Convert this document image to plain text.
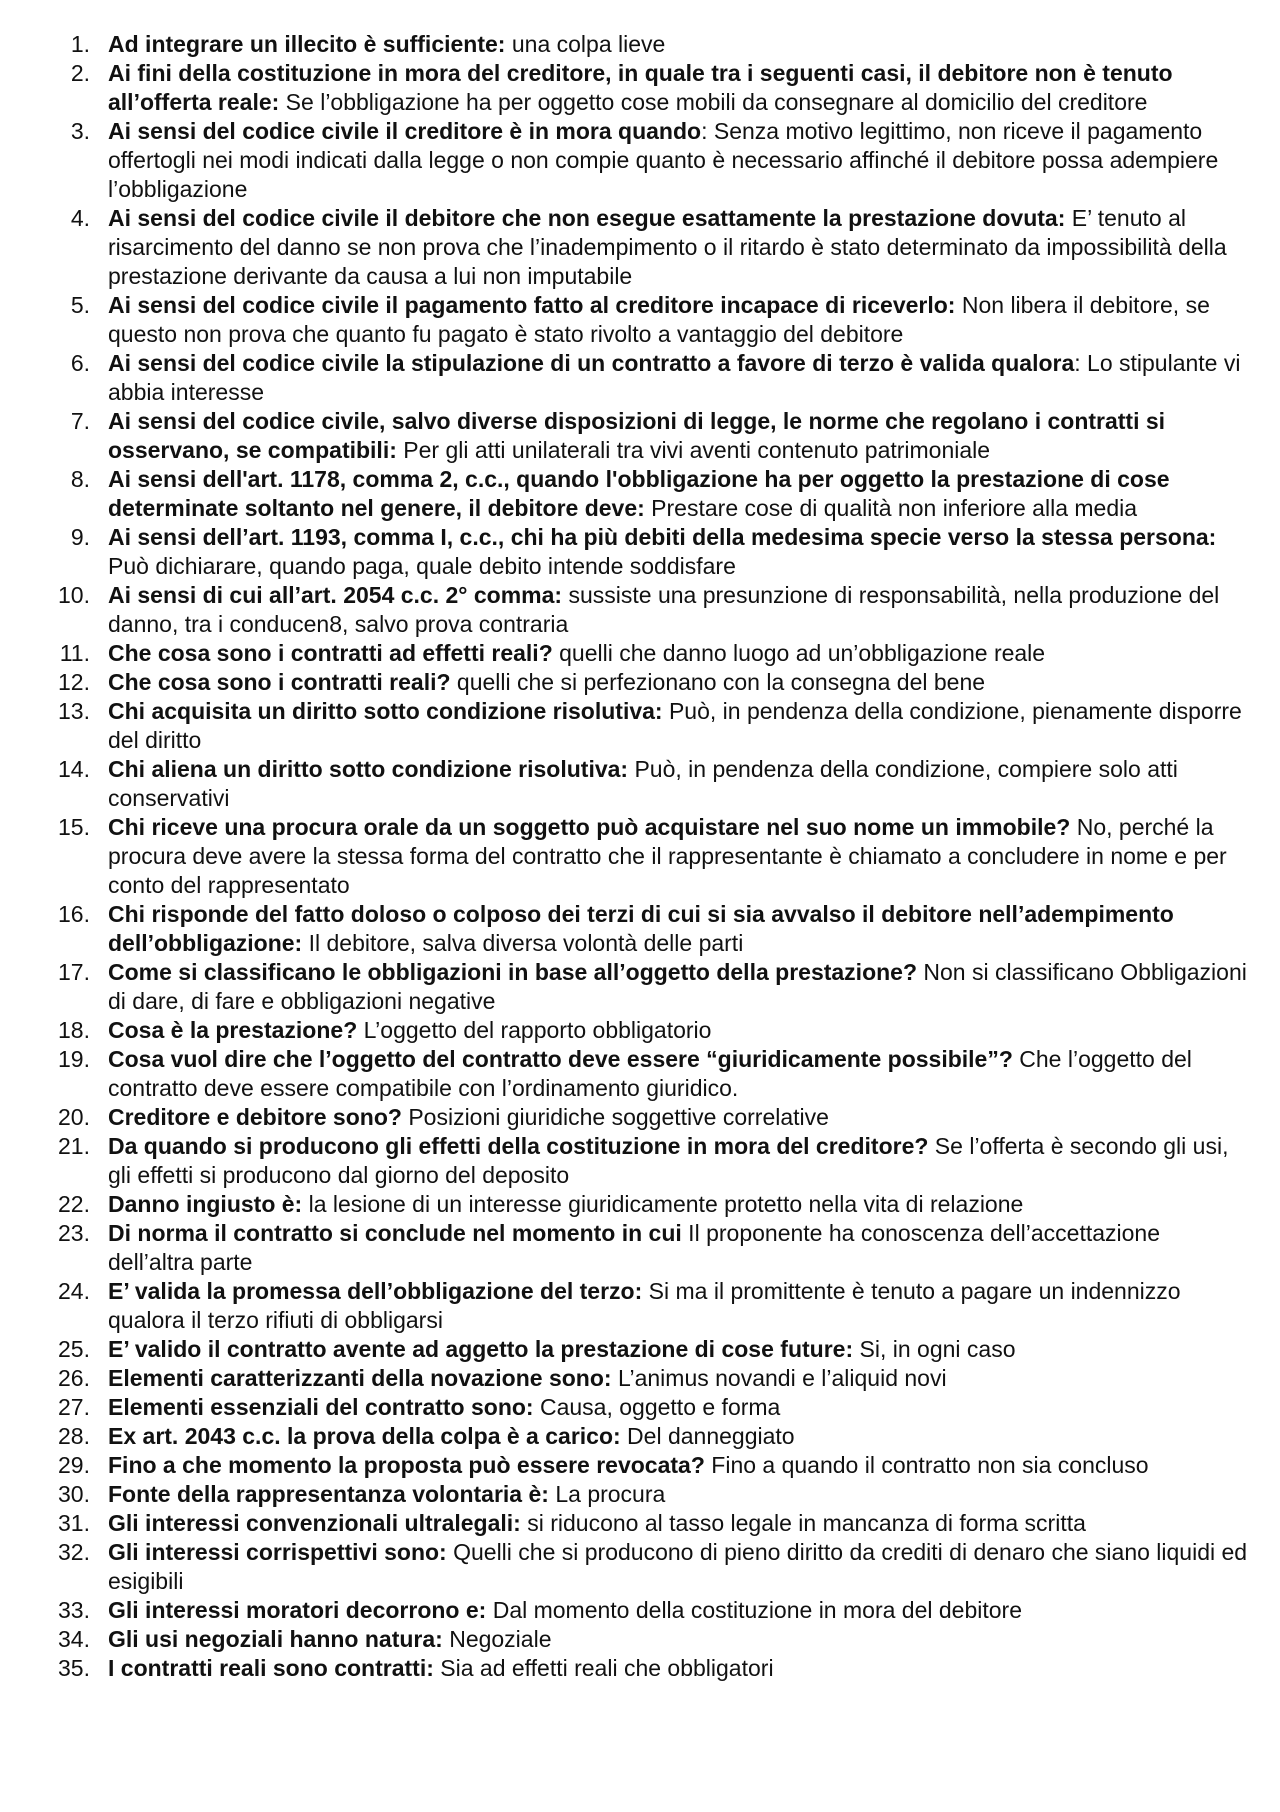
1. Ad integrare un illecito è sufficiente: una colpa lieve
2. Ai fini della costituzione in mora del creditore, in quale tra i seguenti casi, il debitore non è tenuto all’offerta reale: Se l’obbligazione ha per oggetto cose mobili da consegnare al domicilio del creditore
3. Ai sensi del codice civile il creditore è in mora quando: Senza motivo legittimo, non riceve il pagamento offertogli nei modi indicati dalla legge o non compie quanto è necessario affinché il debitore possa adempiere l’obbligazione
4. Ai sensi del codice civile il debitore che non esegue esattamente la prestazione dovuta: E’ tenuto al risarcimento del danno se non prova che l’inadempimento o il ritardo è stato determinato da impossibilità della prestazione derivante da causa a lui non imputabile
5. Ai sensi del codice civile il pagamento fatto al creditore incapace di riceverlo: Non libera il debitore, se questo non prova che quanto fu pagato è stato rivolto a vantaggio del debitore
6. Ai sensi del codice civile la stipulazione di un contratto a favore di terzo è valida qualora: Lo stipulante vi abbia interesse
7. Ai sensi del codice civile, salvo diverse disposizioni di legge, le norme che regolano i contratti si osservano, se compatibili: Per gli atti unilaterali tra vivi aventi contenuto patrimoniale
8. Ai sensi dell'art. 1178, comma 2, c.c., quando l'obbligazione ha per oggetto la prestazione di cose determinate soltanto nel genere, il debitore deve: Prestare cose di qualità non inferiore alla media
9. Ai sensi dell’art. 1193, comma I, c.c., chi ha più debiti della medesima specie verso la stessa persona: Può dichiarare, quando paga, quale debito intende soddisfare
10. Ai sensi di cui all’art. 2054 c.c. 2° comma: sussiste una presunzione di responsabilità, nella produzione del danno, tra i conducen8, salvo prova contraria
11. Che cosa sono i contratti ad effetti reali? quelli che danno luogo ad un’obbligazione reale
12. Che cosa sono i contratti reali? quelli che si perfezionano con la consegna del bene
13. Chi acquisita un diritto sotto condizione risolutiva: Può, in pendenza della condizione, pienamente disporre del diritto
14. Chi aliena un diritto sotto condizione risolutiva: Può, in pendenza della condizione, compiere solo atti conservativi
15. Chi riceve una procura orale da un soggetto può acquistare nel suo nome un immobile? No, perché la procura deve avere la stessa forma del contratto che il rappresentante è chiamato a concludere in nome e per conto del rappresentato
16. Chi risponde del fatto doloso o colposo dei terzi di cui si sia avvalso il debitore nell’adempimento dell’obbligazione: Il debitore, salva diversa volontà delle parti
17. Come si classificano le obbligazioni in base all’oggetto della prestazione? Non si classificano Obbligazioni di dare, di fare e obbligazioni negative
18. Cosa è la prestazione? L’oggetto del rapporto obbligatorio
19. Cosa vuol dire che l’oggetto del contratto deve essere “giuridicamente possibile”? Che l’oggetto del contratto deve essere compatibile con l’ordinamento giuridico.
20. Creditore e debitore sono? Posizioni giuridiche soggettive correlative
21. Da quando si producono gli effetti della costituzione in mora del creditore? Se l’offerta è secondo gli usi, gli effetti si producono dal giorno del deposito
22. Danno ingiusto è: la lesione di un interesse giuridicamente protetto nella vita di relazione
23. Di norma il contratto si conclude nel momento in cui Il proponente ha conoscenza dell’accettazione dell’altra parte
24. E’ valida la promessa dell’obbligazione del terzo: Si ma il promittente è tenuto a pagare un indennizzo qualora il terzo rifiuti di obbligarsi
25. E’ valido il contratto avente ad aggetto la prestazione di cose future: Si, in ogni caso
26. Elementi caratterizzanti della novazione sono: L’animus novandi e l’aliquid novi
27. Elementi essenziali del contratto sono: Causa, oggetto e forma
28. Ex art. 2043 c.c. la prova della colpa è a carico: Del danneggiato
29. Fino a che momento la proposta può essere revocata? Fino a quando il contratto non sia concluso
30. Fonte della rappresentanza volontaria è: La procura
31. Gli interessi convenzionali ultralegali: si riducono al tasso legale in mancanza di forma scritta
32. Gli interessi corrispettivi sono: Quelli che si producono di pieno diritto da crediti di denaro che siano liquidi ed esigibili
33. Gli interessi moratori decorrono e: Dal momento della costituzione in mora del debitore
34. Gli usi negoziali hanno natura: Negoziale
35. I contratti reali sono contratti: Sia ad effetti reali che obbligatori
